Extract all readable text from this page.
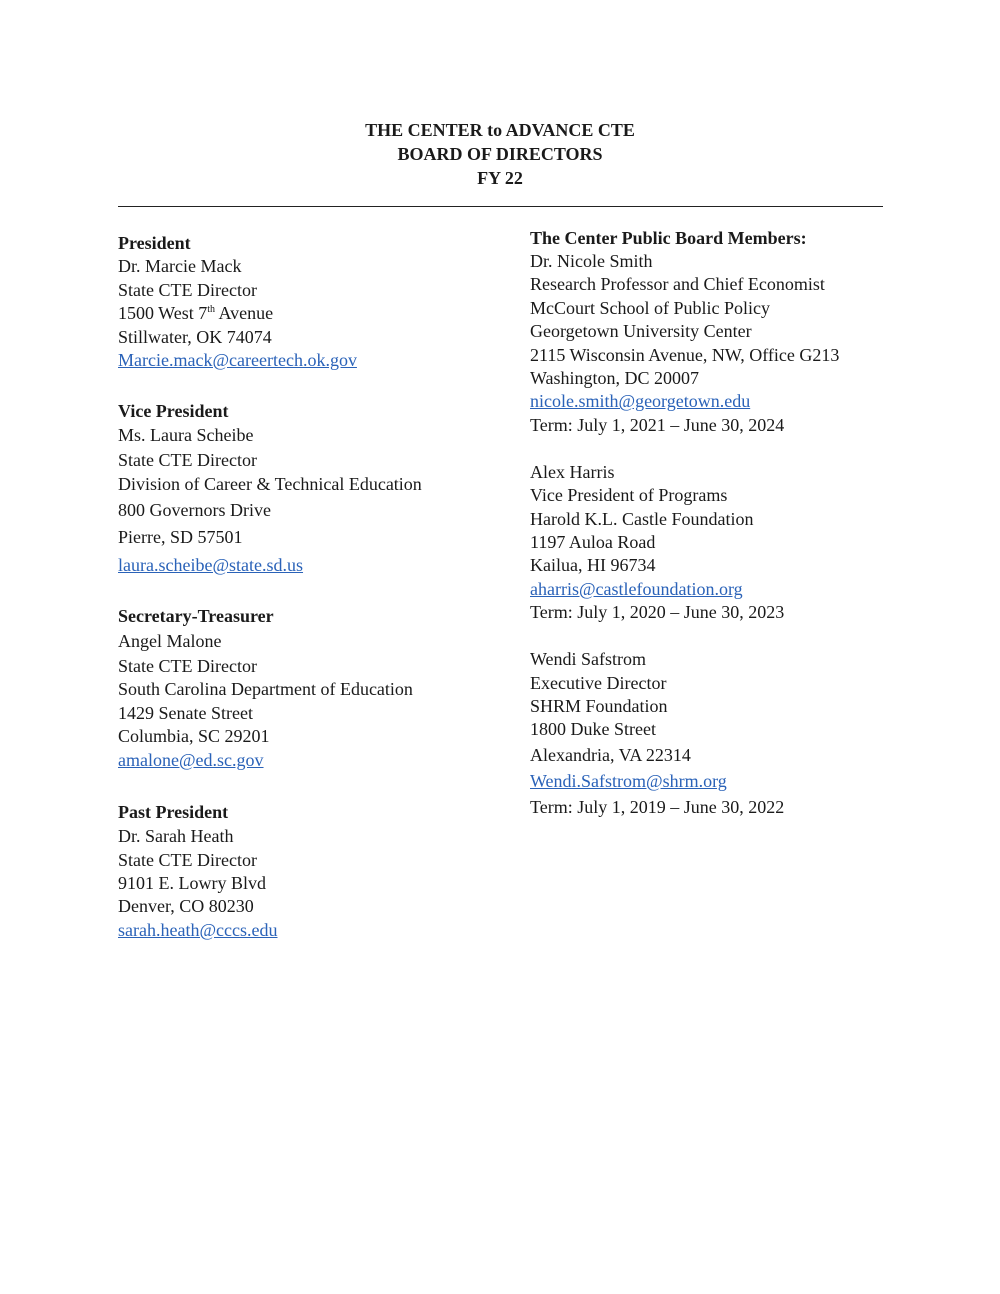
THE CENTER to ADVANCE CTE
BOARD OF DIRECTORS
FY 22
President
Dr. Marcie Mack
State CTE Director
1500 West 7th Avenue
Stillwater, OK 74074
Marcie.mack@careertech.ok.gov
Vice President
Ms. Laura Scheibe
State CTE Director
Division of Career & Technical Education
800 Governors Drive
Pierre, SD 57501
laura.scheibe@state.sd.us
Secretary-Treasurer
Angel Malone
State CTE Director
South Carolina Department of Education
1429 Senate Street
Columbia, SC 29201
amalone@ed.sc.gov
Past President
Dr. Sarah Heath
State CTE Director
9101 E. Lowry Blvd
Denver, CO 80230
sarah.heath@cccs.edu
The Center Public Board Members:
Dr. Nicole Smith
Research Professor and Chief Economist
McCourt School of Public Policy
Georgetown University Center
2115 Wisconsin Avenue, NW, Office G213
Washington, DC 20007
nicole.smith@georgetown.edu
Term: July 1, 2021 – June 30, 2024
Alex Harris
Vice President of Programs
Harold K.L. Castle Foundation
1197 Auloa Road
Kailua, HI 96734
aharris@castlefoundation.org
Term: July 1, 2020 – June 30, 2023
Wendi Safstrom
Executive Director
SHRM Foundation
1800 Duke Street
Alexandria, VA 22314
Wendi.Safstrom@shrm.org
Term: July 1, 2019 – June 30, 2022
